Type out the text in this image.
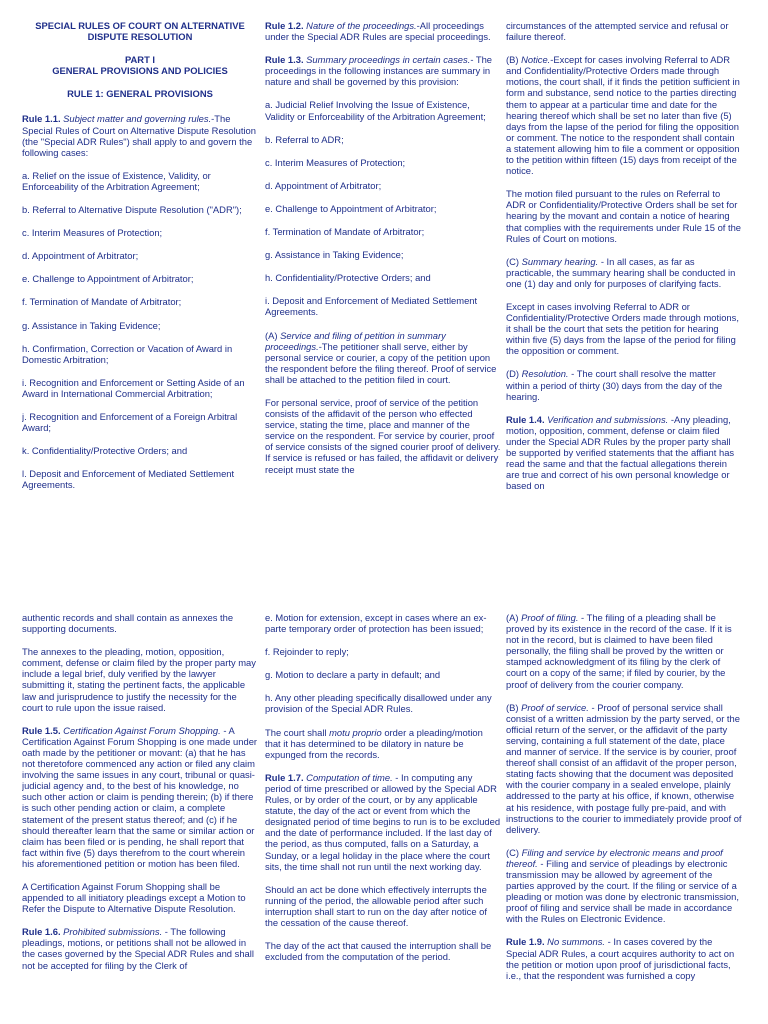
SPECIAL RULES OF COURT ON ALTERNATIVE DISPUTE RESOLUTION
PART I
GENERAL PROVISIONS AND POLICIES
RULE 1: GENERAL PROVISIONS

Rule 1.1. Subject matter and governing rules.-The Special Rules of Court on Alternative Dispute Resolution (the "Special ADR Rules") shall apply to and govern the following cases:

a. Relief on the issue of Existence, Validity, or Enforceability of the Arbitration Agreement;

b. Referral to Alternative Dispute Resolution ("ADR");

c. Interim Measures of Protection;

d. Appointment of Arbitrator;

e. Challenge to Appointment of Arbitrator;

f. Termination of Mandate of Arbitrator;

g. Assistance in Taking Evidence;

h. Confirmation, Correction or Vacation of Award in Domestic Arbitration;

i. Recognition and Enforcement or Setting Aside of an Award in International Commercial Arbitration;

j. Recognition and Enforcement of a Foreign Arbitral Award;

k. Confidentiality/Protective Orders; and

l. Deposit and Enforcement of Mediated Settlement Agreements.

Rule 1.2. Nature of the proceedings.-All proceedings under the Special ADR Rules are special proceedings.

Rule 1.3. Summary proceedings in certain cases.- The proceedings in the following instances are summary in nature and shall be governed by this provision:

a. Judicial Relief Involving the Issue of Existence, Validity or Enforceability of the Arbitration Agreement;

b. Referral to ADR;

c. Interim Measures of Protection;

d. Appointment of Arbitrator;

e. Challenge to Appointment of Arbitrator;

f. Termination of Mandate of Arbitrator;

g. Assistance in Taking Evidence;

h. Confidentiality/Protective Orders; and

i. Deposit and Enforcement of Mediated Settlement Agreements.

(A) Service and filing of petition in summary proceedings.-The petitioner shall serve, either by personal service or courier, a copy of the petition upon the respondent before the filing thereof. Proof of service shall be attached to the petition filed in court.

For personal service, proof of service of the petition consists of the affidavit of the person who effected service, stating the time, place and manner of the service on the respondent. For service by courier, proof of service consists of the signed courier proof of delivery. If service is refused or has failed, the affidavit or delivery receipt must state the

circumstances of the attempted service and refusal or failure thereof.

(B) Notice.-Except for cases involving Referral to ADR and Confidentiality/Protective Orders made through motions, the court shall, if it finds the petition sufficient in form and substance, send notice to the parties directing them to appear at a particular time and date for the hearing thereof which shall be set no later than five (5) days from the lapse of the period for filing the opposition or comment. The notice to the respondent shall contain a statement allowing him to file a comment or opposition to the petition within fifteen (15) days from receipt of the notice.

The motion filed pursuant to the rules on Referral to ADR or Confidentiality/Protective Orders shall be set for hearing by the movant and contain a notice of hearing that complies with the requirements under Rule 15 of the Rules of Court on motions.

(C) Summary hearing. - In all cases, as far as practicable, the summary hearing shall be conducted in one (1) day and only for purposes of clarifying facts.

Except in cases involving Referral to ADR or Confidentiality/Protective Orders made through motions, it shall be the court that sets the petition for hearing within five (5) days from the lapse of the period for filing the opposition or comment.

(D) Resolution. - The court shall resolve the matter within a period of thirty (30) days from the day of the hearing.

Rule 1.4. Verification and submissions. -Any pleading, motion, opposition, comment, defense or claim filed under the Special ADR Rules by the proper party shall be supported by verified statements that the affiant has read the same and that the factual allegations therein are true and correct of his own personal knowledge or based on

authentic records and shall contain as annexes the supporting documents.

The annexes to the pleading, motion, opposition, comment, defense or claim filed by the proper party may include a legal brief, duly verified by the lawyer submitting it, stating the pertinent facts, the applicable law and jurisprudence to justify the necessity for the court to rule upon the issue raised.

Rule 1.5. Certification Against Forum Shopping. - A Certification Against Forum Shopping is one made under oath made by the petitioner or movant: (a) that he has not theretofore commenced any action or filed any claim involving the same issues in any court, tribunal or quasi-judicial agency and, to the best of his knowledge, no such other action or claim is pending therein; (b) if there is such other pending action or claim, a complete statement of the present status thereof; and (c) if he should thereafter learn that the same or similar action or claim has been filed or is pending, he shall report that fact within five (5) days therefrom to the court wherein his aforementioned petition or motion has been filed.

A Certification Against Forum Shopping shall be appended to all initiatory pleadings except a Motion to Refer the Dispute to Alternative Dispute Resolution.

Rule 1.6. Prohibited submissions. - The following pleadings, motions, or petitions shall not be allowed in the cases governed by the Special ADR Rules and shall not be accepted for filing by the Clerk of

e. Motion for extension, except in cases where an ex-parte temporary order of protection has been issued;

f. Rejoinder to reply;

g. Motion to declare a party in default; and

h. Any other pleading specifically disallowed under any provision of the Special ADR Rules.

The court shall motu proprio order a pleading/motion that it has determined to be dilatory in nature be expunged from the records.

Rule 1.7. Computation of time. - In computing any period of time prescribed or allowed by the Special ADR Rules, or by order of the court, or by any applicable statute, the day of the act or event from which the designated period of time begins to run is to be excluded and the date of performance included. If the last day of the period, as thus computed, falls on a Saturday, a Sunday, or a legal holiday in the place where the court sits, the time shall not run until the next working day.

Should an act be done which effectively interrupts the running of the period, the allowable period after such interruption shall start to run on the day after notice of the cessation of the cause thereof.

The day of the act that caused the interruption shall be excluded from the computation of the period.

(A) Proof of filing. - The filing of a pleading shall be proved by its existence in the record of the case. If it is not in the record, but is claimed to have been filed personally, the filing shall be proved by the written or stamped acknowledgment of its filing by the clerk of court on a copy of the same; if filed by courier, by the proof of delivery from the courier company.

(B) Proof of service. - Proof of personal service shall consist of a written admission by the party served, or the official return of the server, or the affidavit of the party serving, containing a full statement of the date, place and manner of service. If the service is by courier, proof thereof shall consist of an affidavit of the proper person, stating facts showing that the document was deposited with the courier company in a sealed envelope, plainly addressed to the party at his office, if known, otherwise at his residence, with postage fully pre-paid, and with instructions to the courier to immediately provide proof of delivery.

(C) Filing and service by electronic means and proof thereof. - Filing and service of pleadings by electronic transmission may be allowed by agreement of the parties approved by the court. If the filing or service of a pleading or motion was done by electronic transmission, proof of filing and service shall be made in accordance with the Rules on Electronic Evidence.

Rule 1.9. No summons. - In cases covered by the Special ADR Rules, a court acquires authority to act on the petition or motion upon proof of jurisdictional facts, i.e., that the respondent was furnished a copy
